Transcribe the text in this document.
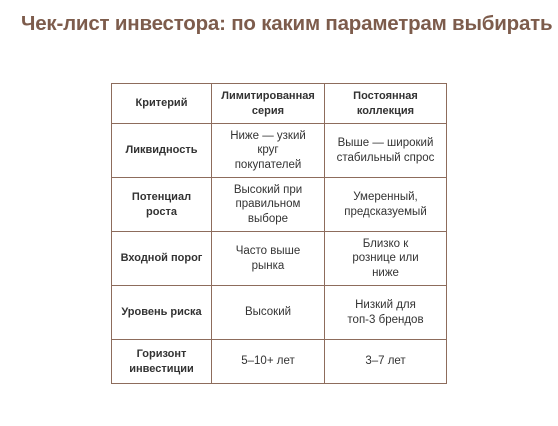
Чек-лист инвестора: по каким параметрам выбирать
Критерий	Лимитированная серия	Постоянная коллекция

Ликвидность	Ниже — узкий круг покупателей	Выше — широкий стабильный спрос

Потенциал роста	Высокий при правильном выборе	Умеренный, предсказуемый

Входной порог	Часто выше рынка	Близко к рознице или ниже

Уровень риска	Высокий	Низкий для топ-3 брендов

Горизонт инвестиции	5–10+ лет	3–7 лет
